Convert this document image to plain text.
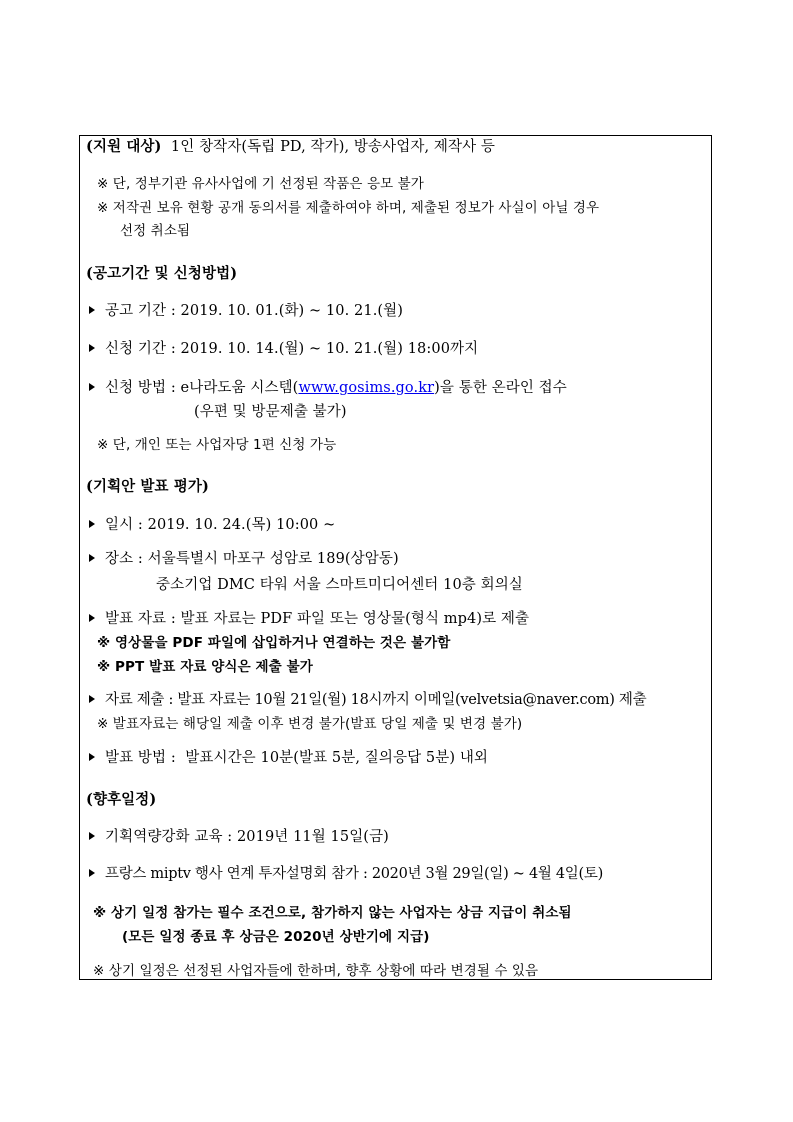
(지원 대상) 1인 창작자(독립 PD, 작가), 방송사업자, 제작사 등
※ 단, 정부기관 유사사업에 기 선정된 작품은 응모 불가
※ 저작권 보유 현황 공개 동의서를 제출하여야 하며, 제출된 정보가 사실이 아닐 경우
선정 취소됨
(공고기간 및 신청방법)
공고 기간 : 2019. 10. 01.(화) ~ 10. 21.(월)
신청 기간 : 2019. 10. 14.(월) ~ 10. 21.(월) 18:00까지
신청 방법 : e나라도움 시스템(www.gosims.go.kr)을 통한 온라인 접수
(우편 및 방문제출 불가)
※ 단, 개인 또는 사업자당 1편 신청 가능
(기획안 발표 평가)
일시 : 2019. 10. 24.(목) 10:00 ~
장소 : 서울특별시 마포구 성암로 189(상암동)
중소기업 DMC 타워 서울 스마트미디어센터 10층 회의실
발표 자료 : 발표 자료는 PDF 파일 또는 영상물(형식 mp4)로 제출
※ 영상물을 PDF 파일에 삽입하거나 연결하는 것은 불가함
※ PPT 발표 자료 양식은 제출 불가
자료 제출 : 발표 자료는 10월 21일(월) 18시까지 이메일(velvetsia@naver.com) 제출
※ 발표자료는 해당일 제출 이후 변경 불가(발표 당일 제출 및 변경 불가)
발표 방법 :  발표시간은 10분(발표 5분, 질의응답 5분) 내외
(향후일정)
기획역량강화 교육 : 2019년 11월 15일(금)
프랑스 miptv 행사 연계 투자설명회 참가 : 2020년 3월 29일(일) ~ 4월 4일(토)
※ 상기 일정 참가는 필수 조건으로, 참가하지 않는 사업자는 상금 지급이 취소됨
(모든 일정 종료 후 상금은 2020년 상반기에 지급)
※ 상기 일정은 선정된 사업자들에 한하며, 향후 상황에 따라 변경될 수 있음
